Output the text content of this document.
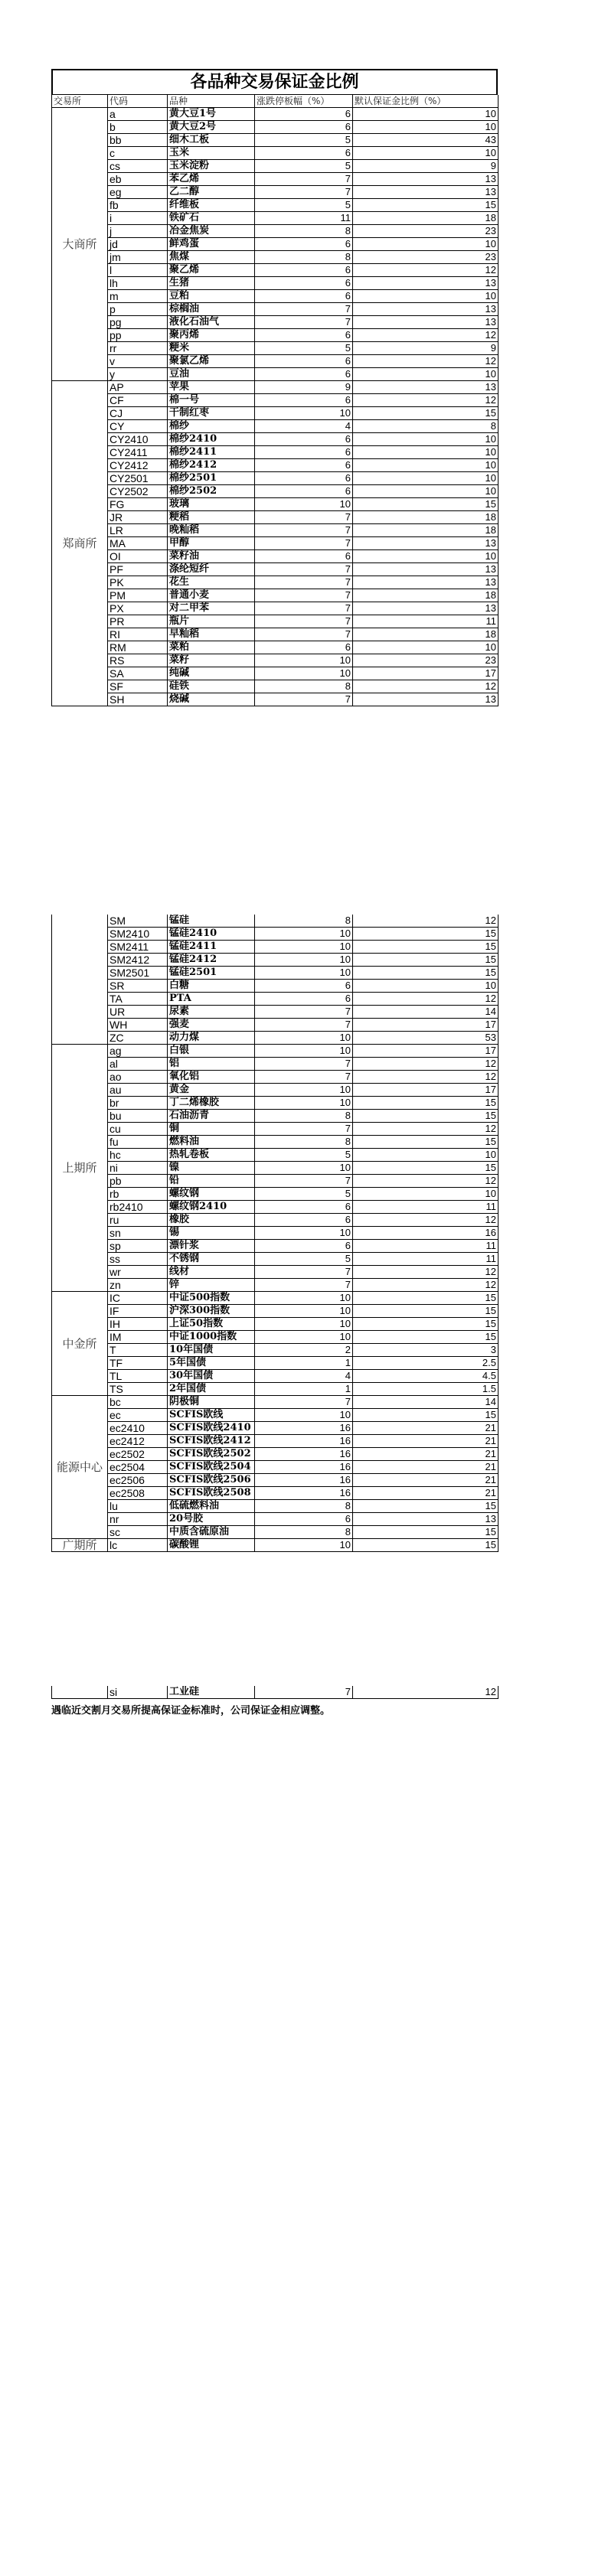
各品种交易保证金比例
交易所	代码	品种	涨跌停板幅（%）	默认保证金比例（%）
大商所	a	黄大豆1号	6	10
	b	黄大豆2号	6	10
	bb	细木工板	5	43
	c	玉米	6	10
	cs	玉米淀粉	5	9
	eb	苯乙烯	7	13
	eg	乙二醇	7	13
	fb	纤维板	5	15
	i	铁矿石	11	18
	j	冶金焦炭	8	23
	jd	鲜鸡蛋	6	10
	jm	焦煤	8	23
	l	聚乙烯	6	12
	lh	生猪	6	13
	m	豆粕	6	10
	p	棕榈油	7	13
	pg	液化石油气	7	13
	pp	聚丙烯	6	12
	rr	粳米	5	9
	v	聚氯乙烯	6	12
	y	豆油	6	10
郑商所	AP	苹果	9	13
	CF	棉一号	6	12
	CJ	干制红枣	10	15
	CY	棉纱	4	8
	CY2410	棉纱2410	6	10
	CY2411	棉纱2411	6	10
	CY2412	棉纱2412	6	10
	CY2501	棉纱2501	6	10
	CY2502	棉纱2502	6	10
	FG	玻璃	10	15
	JR	粳稻	7	18
	LR	晚籼稻	7	18
	MA	甲醇	7	13
	OI	菜籽油	6	10
	PF	涤纶短纤	7	13
	PK	花生	7	13
	PM	普通小麦	7	18
	PX	对二甲苯	7	13
	PR	瓶片	7	11
	RI	早籼稻	7	18
	RM	菜粕	6	10
	RS	菜籽	10	23
	SA	纯碱	10	17
	SF	硅铁	8	12
	SH	烧碱	7	13
	SM	锰硅	8	12
	SM2410	锰硅2410	10	15
	SM2411	锰硅2411	10	15
	SM2412	锰硅2412	10	15
	SM2501	锰硅2501	10	15
	SR	白糖	6	10
	TA	PTA	6	12
	UR	尿素	7	14
	WH	强麦	7	17
	ZC	动力煤	10	53
上期所	ag	白银	10	17
	al	铝	7	12
	ao	氧化铝	7	12
	au	黄金	10	17
	br	丁二烯橡胶	10	15
	bu	石油沥青	8	15
	cu	铜	7	12
	fu	燃料油	8	15
	hc	热轧卷板	5	10
	ni	镍	10	15
	pb	铅	7	12
	rb	螺纹钢	5	10
	rb2410	螺纹钢2410	6	11
	ru	橡胶	6	12
	sn	锡	10	16
	sp	漂针浆	6	11
	ss	不锈钢	5	11
	wr	线材	7	12
	zn	锌	7	12
中金所	IC	中证500指数	10	15
	IF	沪深300指数	10	15
	IH	上证50指数	10	15
	IM	中证1000指数	10	15
	T	10年国债	2	3
	TF	5年国债	1	2.5
	TL	30年国债	4	4.5
	TS	2年国债	1	1.5
能源中心	bc	阴极铜	7	14
	ec	SCFIS欧线	10	15
	ec2410	SCFIS欧线2410	16	21
	ec2412	SCFIS欧线2412	16	21
	ec2502	SCFIS欧线2502	16	21
	ec2504	SCFIS欧线2504	16	21
	ec2506	SCFIS欧线2506	16	21
	ec2508	SCFIS欧线2508	16	21
	lu	低硫燃料油	8	15
	nr	20号胶	6	13
	sc	中质含硫原油	8	15
广期所	lc	碳酸锂	10	15
	si	工业硅	7	12
遇临近交割月交易所提高保证金标准时，公司保证金相应调整。
